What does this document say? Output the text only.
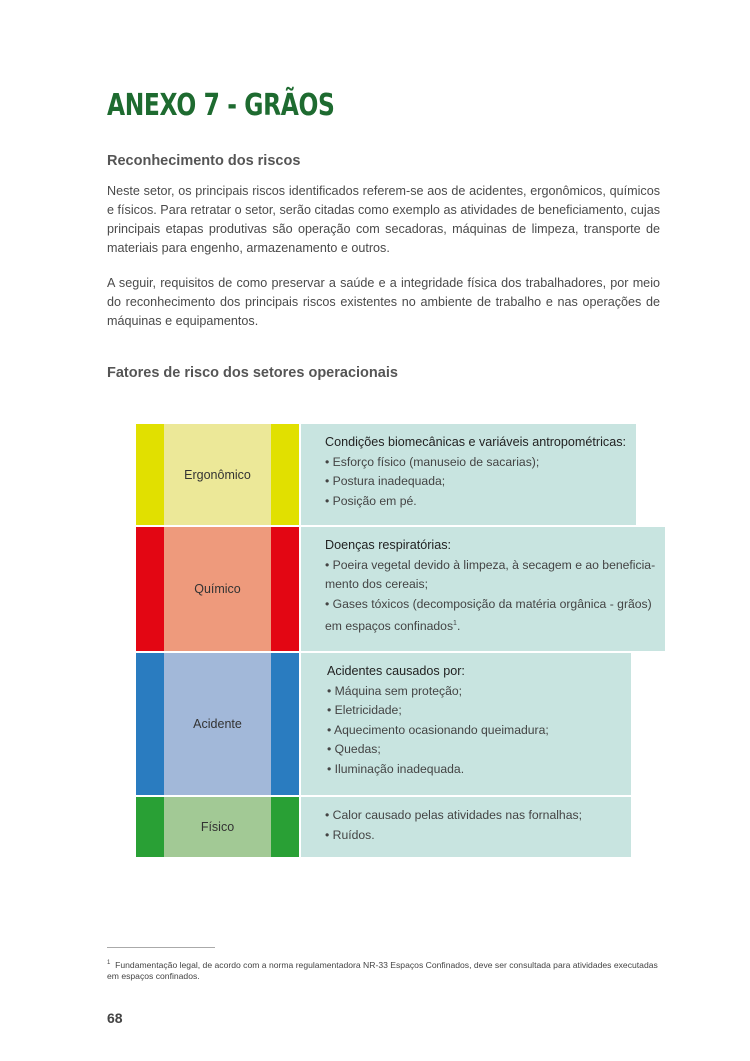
ANEXO 7 - GRÃOS
Reconhecimento dos riscos

Neste setor, os principais riscos identificados referem-se aos de acidentes, ergonômicos, químicos e físicos. Para retratar o setor, serão citadas como exemplo as atividades de beneficiamento, cujas principais etapas produtivas são operação com secadoras, máquinas de limpeza, transporte de materiais para engenho, armazenamento e outros.

A seguir, requisitos de como preservar a saúde e a integridade física dos trabalhadores, por meio do reconhecimento dos principais riscos existentes no ambiente de trabalho e nas operações de máquinas e equipamentos.

Fatores de risco dos setores operacionais
Ergonômico
Condições biomecânicas e variáveis antropométricas:
• Esforço físico (manuseio de sacarias);
• Postura inadequada;
• Posição em pé.
Químico
Doenças respiratórias:
• Poeira vegetal devido à limpeza, à secagem e ao beneficia-
mento dos cereais;
• Gases tóxicos (decomposição da matéria orgânica - grãos)
em espaços confinados$^1$.
Acidente
Acidentes causados por:
• Máquina sem proteção;
• Eletricidade;
• Aquecimento ocasionando queimadura;
• Quedas;
• Iluminação inadequada.
Físico
• Calor causado pelas atividades nas fornalhas;
• Ruídos.

$^1$ Fundamentação legal, de acordo com a norma regulamentadora NR-33 Espaços Confinados, deve ser consultada para atividades executadas em espaços confinados.

68
